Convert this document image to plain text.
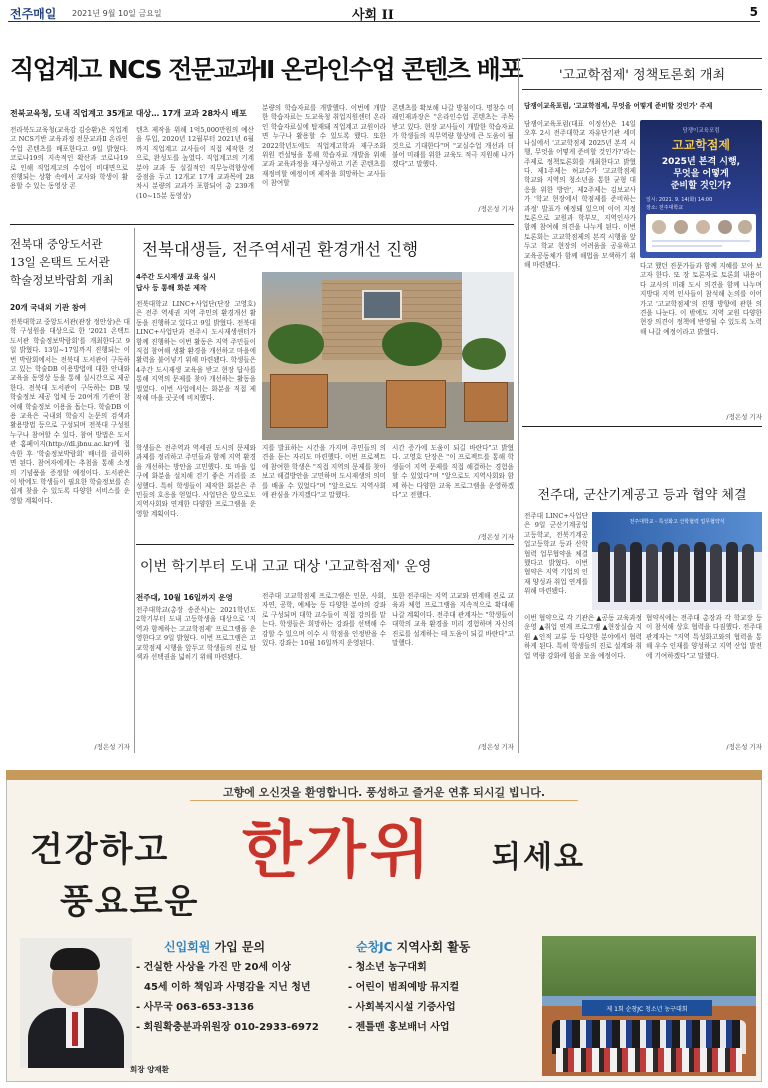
전주매일 2021년 9월 10일 금요일	사회 II	5
직업계고 NCS 전문교과Ⅱ 온라인수업 콘텐츠 배포
전북교육청, 도내 직업계고 35개교 대상… 17개 교과 28차시 배포
전라북도교육청(교육감 김승환)은 직업계고 NCS기반 교육과정 전문교과Ⅱ 온라인수업 콘텐츠를 배포한다고 9일 밝혔다. 코로나19의 지속적인 확산과 코로나19로 인해 직업계고의 수업이 비대면으로 진행되는 상황 속에서 교사와 학생이 활용할 수 있는 동영상 콘
텐츠 제작을 위해 1억5,000만원의 예산을 투입, 2020년 12월부터 2021년 6월까지 직업계고 교사들이 직접 제작한 것으로, 완성도를 높였다. 직업계고의 기계분야 교과 등 실질적인 직무능력향상에 중점을 두고 12개교 17개 교과목에 28차시 분량의 교과가 포함되어 총 239개(10~15분 동영상)
분량의 학습자료를 개발했다. 이번에 개발한 학습자료는 도교육청 취업지원센터 온라인 학습자료실에 탑재돼 직업계고 교원이라면 누구나 활용할 수 있도록 했다. 또한 2022학년도에도 직업계고학과 재구조화 위원 컨설팅을 통해 학습자료 개발을 위해 교과 교육과정을 재구성하고 기존 콘텐츠를 재정비할 예정이며 제작을 희망하는 교사들이 참여할
콘텐츠를 확보해 나갈 방침이다. 명창수 미래인재과장은 "온라인수업 콘텐츠는 주목받고 있다. 현장 교사들이 개발한 학습자료가 학생들의 직무역량 향상에 큰 도움이 될 것으로 기대한다"며 "교실수업 개선과 더불어 미래를 위한 교육도 적극 지원해 나가겠다"고 말했다.
/정은성 기자
'고교학점제' 정책토론회 개최
담쟁이교육포럼, '고교학점제, 무엇을 어떻게 준비할 것인가' 주제
담쟁이교육포럼(대표 이정선)은 14일 오후 2시 전주대학교 자유단기관 세미나실에서 '고교학점제 2025년 본격 시행, 무엇을 어떻게 준비할 것인가?'라는 주제로 정책토론회를 개최한다고 밝혔다. 제1주제는 허교수가 '고교학점제 학교와 지역의 청소년을 통한 균형 대응을 위한 방안', 제2주제는 김보교사가 '학교 현장에서 학점제를 준비하는 과정' 발표가 예정돼 있으며 이어 지정토론으로 교원과 학부모, 지역인사가 함께 참여해 의견을 나누게 된다. 이번 토론회는 고교학점제의 본격 시행을 앞두고 학교 현장의 어려움을 공유하고 교육공동체가 함께 해법을 모색하기 위해 마련됐다.
담쟁이교육포럼
고교학점제
2025년 본격 시행,
무엇을 어떻게
준비할 것인가?
일시: 2021. 9. 14(화) 14:00
장소: 전주대학교
다고 했던 진문가들과 함께 지혜를 모아 보고자 한다. 또 장 토론자로 토론회 내용이 다 교사의 미래 도시 의견을 함께 나누며 지방대 지역 인사들이 참석해 논의를 이어 가고 '고교학점제'의 진행 방향에 관한 의견을 나눈다. 이 밖에도 지역 교원 다양한 현장 의견이 정책에 반영될 수 있도록 노력해 나갈 예정이라고 밝혔다.
/정은성 기자
전북대 중앙도서관
13일 온택트 도서관
학술정보박람회 개최
20개 국내외 기관 참여
전북대학교 중앙도서관(관장 정안상)은 대학 구성원을 대상으로 한 '2021 온택트 도서관 학술정보박람회'를 개최한다고 9일 밝혔다. 13일~17일까지 진행되는 이번 박람회에서는 전북대 도서관이 구독하고 있는 학술DB 이용방법에 대한 안내와 교육을 동영상 등을 통해 실시간으로 제공한다. 전북대 도서관이 구독하는 DB 및 학술정보 제공 업체 등 20여개 기관이 참여해 학술정보 이용을 돕는다. 학술DB 이용 교육은 국내외 학술지 논문의 검색과 활용방법 등으로 구성되며 전북대 구성원 누구나 참여할 수 있다. 참여 방법은 도서관 홈페이지(http://dl.jbnu.ac.kr)에 접속한 후 '학술정보박람회' 배너를 클릭하면 된다. 참여자에게는 추첨을 통해 소정의 기념품을 증정할 예정이다. 도서관은 이 밖에도 학생들이 필요한 학술정보를 손쉽게 찾을 수 있도록 다양한 서비스를 운영할 계획이다.
/정은성 기자
전북대생들, 전주역세권 환경개선 진행
4주간 도시재생 교육 실시
답사 등 통해 화분 제작
전북대학교 LINC+사업단(단장 고영호)은 전주 역세권 지역 주민의 환경개선 활동을 진행하고 있다고 9일 밝혔다. 전북대 LINC+사업단과 전주시 도시재생센터가 함께 진행하는 이번 활동은 지역 주민들이 직접 참여해 생활 환경을 개선하고 마을에 활력을 불어넣기 위해 마련됐다. 학생들은 4주간 도시재생 교육을 받고 현장 답사를 통해 지역의 문제를 찾아 개선하는 활동을 벌였다. 이번 사업에서는 화분을 직접 제작해 마을 곳곳에 비치했다.
학생들은 전주역과 역세권 도시의 문제와 과제를 정리하고 주민들과 함께 지역 환경을 개선하는 방안을 고민했다. 또 마을 입구에 화분을 설치해 걷기 좋은 거리를 조성했다. 특히 학생들이 제작한 화분은 주민들의 호응을 얻었다. 사업단은 앞으로도 지역사회와 연계한 다양한 프로그램을 운영할 계획이다.
지를 발표하는 시간을 가지며 주민들의 의견을 듣는 자리도 마련했다. 이번 프로젝트에 참여한 학생은 "직접 지역의 문제를 찾아보고 해결방안을 고민하며 도시재생의 의미를 배울 수 있었다"며 "앞으로도 지역사회에 관심을 가지겠다"고 말했다.
시간 증가에 도움이 되길 바란다"고 밝혔다. 고영호 단장은 "이 프로젝트를 통해 학생들이 지역 문제를 직접 해결하는 경험을 할 수 있었다"며 "앞으로도 지역사회와 함께 하는 다양한 교육 프로그램을 운영하겠다"고 전했다.
/정은성 기자
이번 학기부터 도내 고교 대상 '고교학점제' 운영
전주대, 10월 16일까지 운영
전주대학교(총장 송준식)는 2021학년도 2학기부터 도내 고등학생을 대상으로 '지역과 함께하는 고교학점제' 프로그램을 운영한다고 9일 밝혔다. 이번 프로그램은 고교학점제 시행을 앞두고 학생들의 진로 탐색과 선택권을 넓히기 위해 마련됐다.
전주대 고교학점제 프로그램은 인문, 사회, 자연, 공학, 예체능 등 다양한 분야의 강좌로 구성되며 대학 교수들이 직접 강의를 맡는다. 학생들은 희망하는 강좌를 선택해 수강할 수 있으며 이수 시 학점을 인정받을 수 있다. 강좌는 10월 16일까지 운영된다.
또한 전주대는 지역 고교와 연계해 진로 교육과 체험 프로그램을 지속적으로 확대해 나갈 계획이다. 전주대 관계자는 "학생들이 대학의 교육 환경을 미리 경험하며 자신의 진로를 설계하는 데 도움이 되길 바란다"고 말했다.
/정은성 기자
전주대, 군산기계공고 등과 협약 체결
전주대 LINC+사업단은 9일 군산기계공업고등학교, 전북기계공업고등학교 등과 산학협력 업무협약을 체결했다고 밝혔다. 이번 협약은 지역 기업의 인재 양성과 취업 연계를 위해 마련됐다.
전주대학교 - 특성화고 산학협력 업무협약식
이번 협약으로 각 기관은 ▲공동 교육과정 운영 ▲취업 연계 프로그램 ▲현장실습 지원 ▲인적 교류 등 다양한 분야에서 협력하게 된다. 특히 학생들의 진로 설계와 취업 역량 강화에 힘을 모을 예정이다.
협약식에는 전주대 총장과 각 학교장 등이 참석해 상호 협력을 다짐했다. 전주대 관계자는 "지역 특성화고와의 협력을 통해 우수 인재를 양성하고 지역 산업 발전에 기여하겠다"고 말했다.
/정은성 기자
고향에 오신것을 환영합니다. 풍성하고 즐거운 연휴 되시길 빕니다.
건강하고
풍요로운
한가위 되세요
회장 양재환
신입회원 가입 문의
- 건실한 사상을 가진 만 20세 이상
45세 이하 책임과 사명감을 지닌 청년
- 사무국 063-653-3136
- 회원확충분과위원장 010-2933-6972
순창JC 지역사회 활동
- 청소년 농구대회
- 어린이 범죄예방 뮤지컬
- 사회복지시설 기증사업
- 젠틀맨 홍보배너 사업
제 1회 순창JC 청소년 농구대회
